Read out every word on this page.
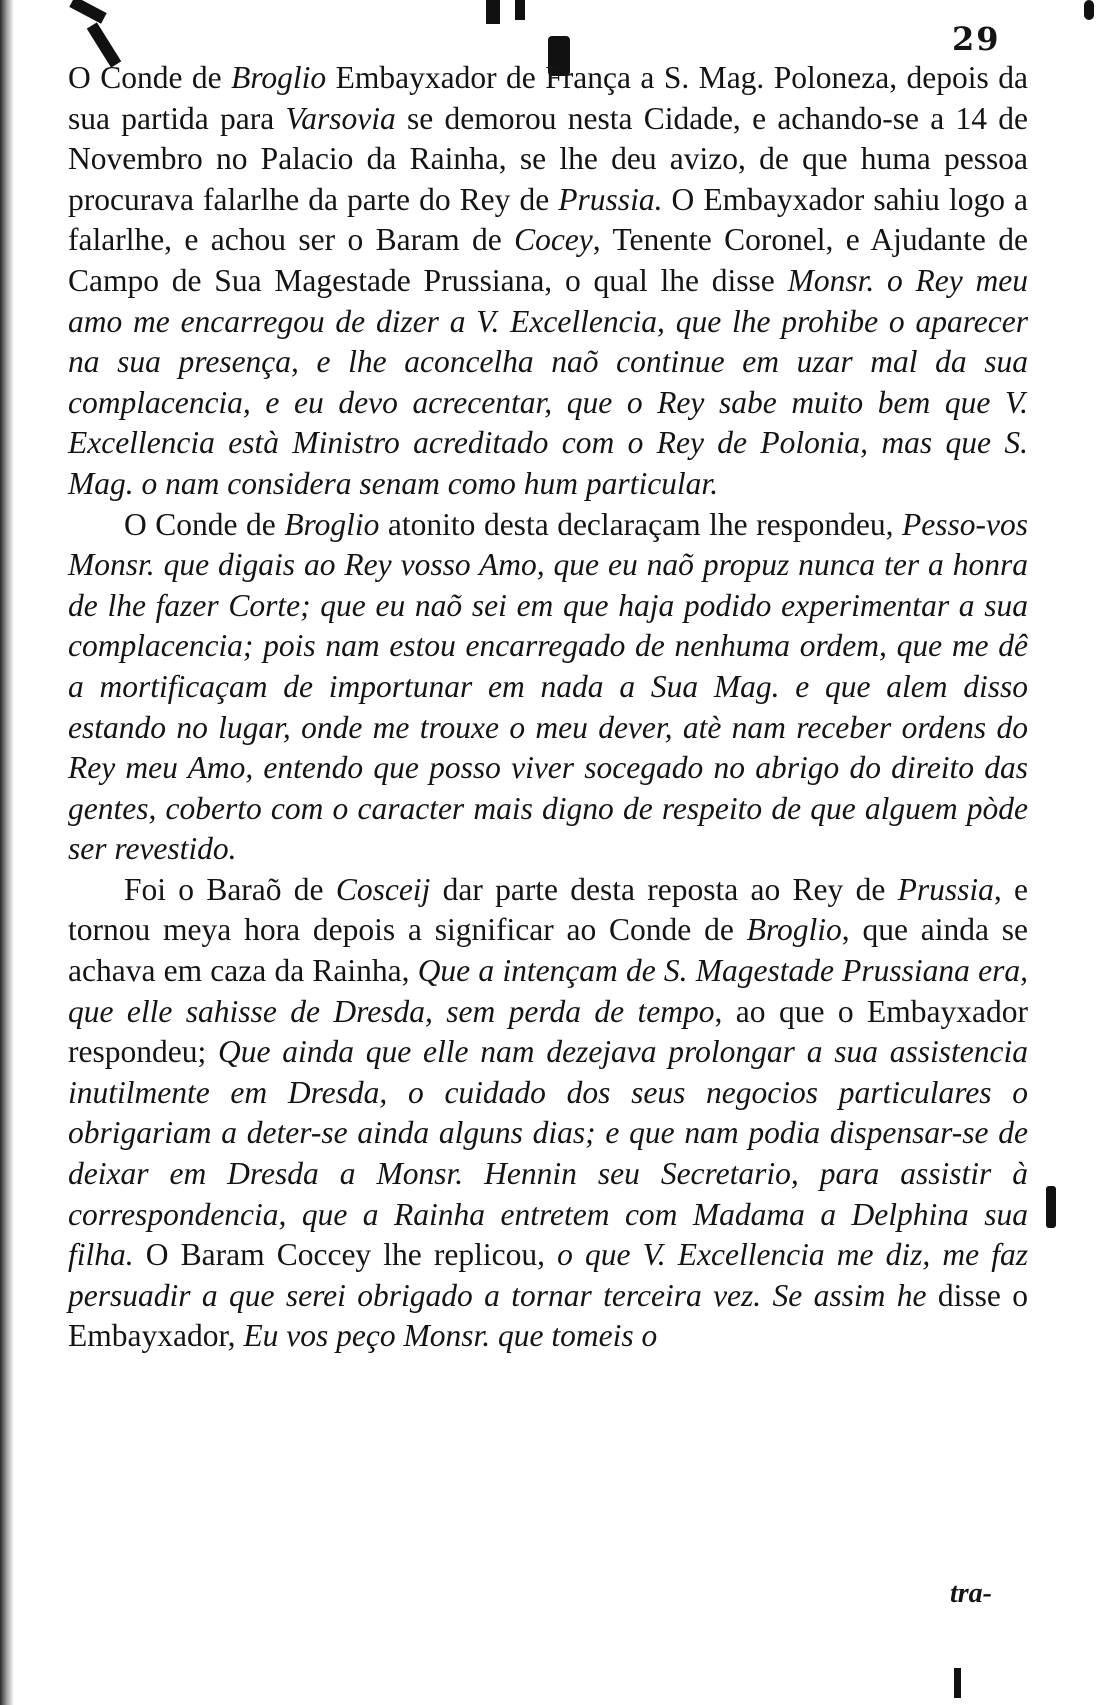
29

O Conde de Broglio Embayxador de França a S. Mag. Poloneza, depois da sua partida para Varsovia se demorou nesta Cidade, e achando-se a 14 de Novembro no Palacio da Rainha, se lhe deu avizo, de que huma pessoa procurava falarlhe da parte do Rey de Prussia. O Embayxador sahiu logo a falarlhe, e achou ser o Baram de Cocey, Tenente Coronel, e Ajudante de Campo de Sua Magestade Prussiana, o qual lhe disse Monsr. o Rey meu amo me encarregou de dizer a V. Excellencia, que lhe prohibe o aparecer na sua presença, e lhe aconcelha naõ continue em uzar mal da sua complacencia, e eu devo acrecentar, que o Rey sabe muito bem que V. Excellencia està Ministro acreditado com o Rey de Polonia, mas que S. Mag. o nam considera senam como hum particular.

O Conde de Broglio atonito desta declaraçam lhe respondeu, Pesso-vos Monsr. que digais ao Rey vosso Amo, que eu naõ propuz nunca ter a honra de lhe fazer Corte; que eu naõ sei em que haja podido experimentar a sua complacencia; pois nam estou encarregado de nenhuma ordem, que me dê a mortificaçam de importunar em nada a Sua Mag. e que alem disso estando no lugar, onde me trouxe o meu dever, atè nam receber ordens do Rey meu Amo, entendo que posso viver socegado no abrigo do direito das gentes, coberto com o caracter mais digno de respeito de que alguem pòde ser revestido.

Foi o Baraõ de Cosceij dar parte desta reposta ao Rey de Prussia, e tornou meya hora depois a significar ao Conde de Broglio, que ainda se achava em caza da Rainha, Que a intençam de S. Magestade Prussiana era, que elle sahisse de Dresda, sem perda de tempo, ao que o Embayxador respondeu; Que ainda que elle nam dezejava prolongar a sua assistencia inutilmente em Dresda, o cuidado dos seus negocios particulares o obrigariam a deter-se ainda alguns dias; e que nam podia dispensar-se de deixar em Dresda a Monsr. Hennin seu Secretario, para assistir à correspondencia, que a Rainha entretem com Madama a Delphina sua filha. O Baram Coccey lhe replicou, o que V. Excellencia me diz, me faz persuadir a que serei obrigado a tornar terceira vez. Se assim he disse o Embayxador, Eu vos peço Monsr. que tomeis o

tra-
